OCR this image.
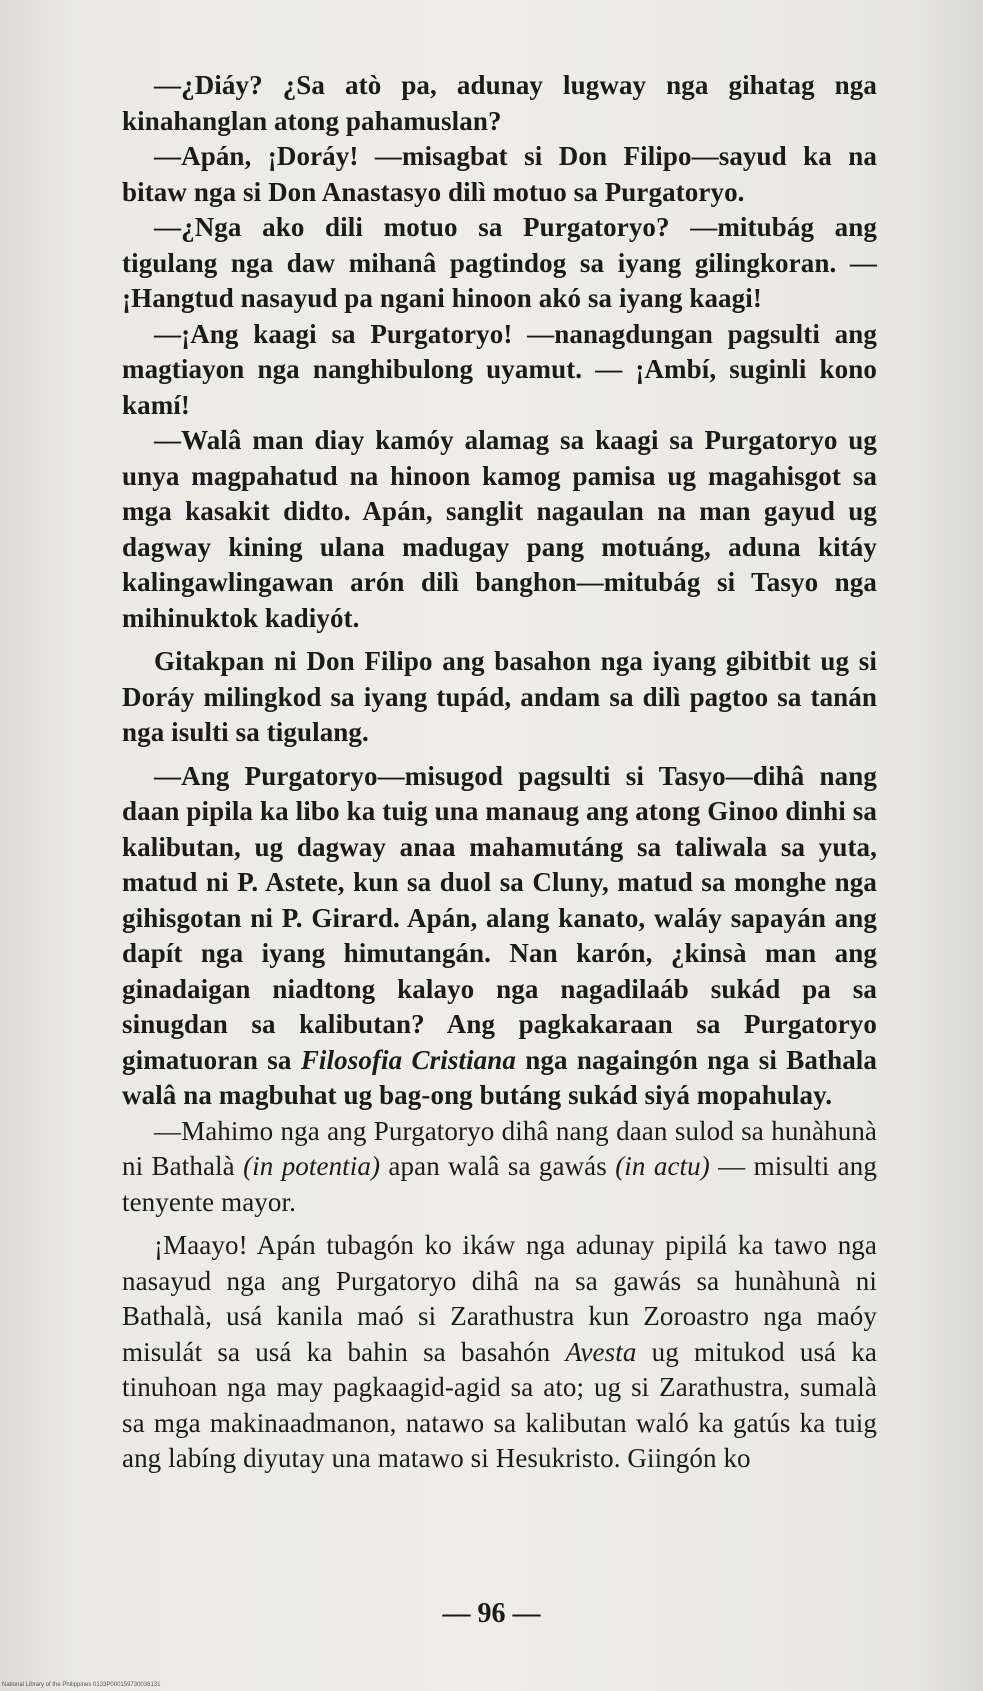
—¿Diáy? ¿Sa atò pa, adunay lugway nga gihatag nga kinahanglan atong pahamuslan?

—Apán, ¡Doráy! —misagbat si Don Filipo—sayud ka na bitaw nga si Don Anastasyo dilì motuo sa Purgatoryo.

—¿Nga ako dili motuo sa Purgatoryo? —mitubág ang tigulang nga daw mihanâ pagtindog sa iyang gilingkoran. —¡Hangtud nasayud pa ngani hinoon akó sa iyang kaagi!

—¡Ang kaagi sa Purgatoryo! —nanagdungan pagsulti ang magtiayon nga nanghibulong uyamut. — ¡Ambí, suginli kono kamí!

—Walâ man diay kamóy alamag sa kaagi sa Purgatoryo ug unya magpahatud na hinoon kamog pamisa ug magahisgot sa mga kasakit didto. Apán, sanglit nagaulan na man gayud ug dagway kining ulana madugay pang motuáng, aduna kitáy kalingawlingawan arón dilì banghon—mitubág si Tasyo nga mihinuktok kadiyót.

Gitakpan ni Don Filipo ang basahon nga iyang gibitbit ug si Doráy milingkod sa iyang tupád, andam sa dilì pagtoo sa tanán nga isulti sa tigulang.

—Ang Purgatoryo—misugod pagsulti si Tasyo—dihâ nang daan pipila ka libo ka tuig una manaug ang atong Ginoo dinhi sa kalibutan, ug dagway anaa mahamutáng sa taliwala sa yuta, matud ni P. Astete, kun sa duol sa Cluny, matud sa monghe nga gihisgotan ni P. Girard. Apán, alang kanato, waláy sapayán ang dapít nga iyang himutangán. Nan karón, ¿kinsà man ang ginadaigan niadtong kalayo nga nagadilaáb sukád pa sa sinugdan sa kalibutan? Ang pagkakaraan sa Purgatoryo gimatuoran sa Filosofia Cristiana nga nagaingón nga si Bathala walâ na magbuhat ug bag-ong butáng sukád siyá mopahulay.

—Mahimo nga ang Purgatoryo dihâ nang daan sulod sa hunàhunà ni Bathalà (in potentia) apan walâ sa gawás (in actu) — misulti ang tenyente mayor.

¡Maayo! Apán tubagón ko ikáw nga adunay pipilá ka tawo nga nasayud nga ang Purgatoryo dihâ na sa gawás sa hunàhunà ni Bathalà, usá kanila maó si Zarathustra kun Zoroastro nga maóy misulát sa usá ka bahin sa basahón Avesta ug mitukod usá ka tinuhoan nga may pagkaagid-agid sa ato; ug si Zarathustra, sumalà sa mga makinaadmanon, natawo sa kalibutan waló ka gatús ka tuig ang labíng diyutay una matawo si Hesukristo. Giingón ko

— 96 —
National Library of the Philippines 0133P000159730036131
